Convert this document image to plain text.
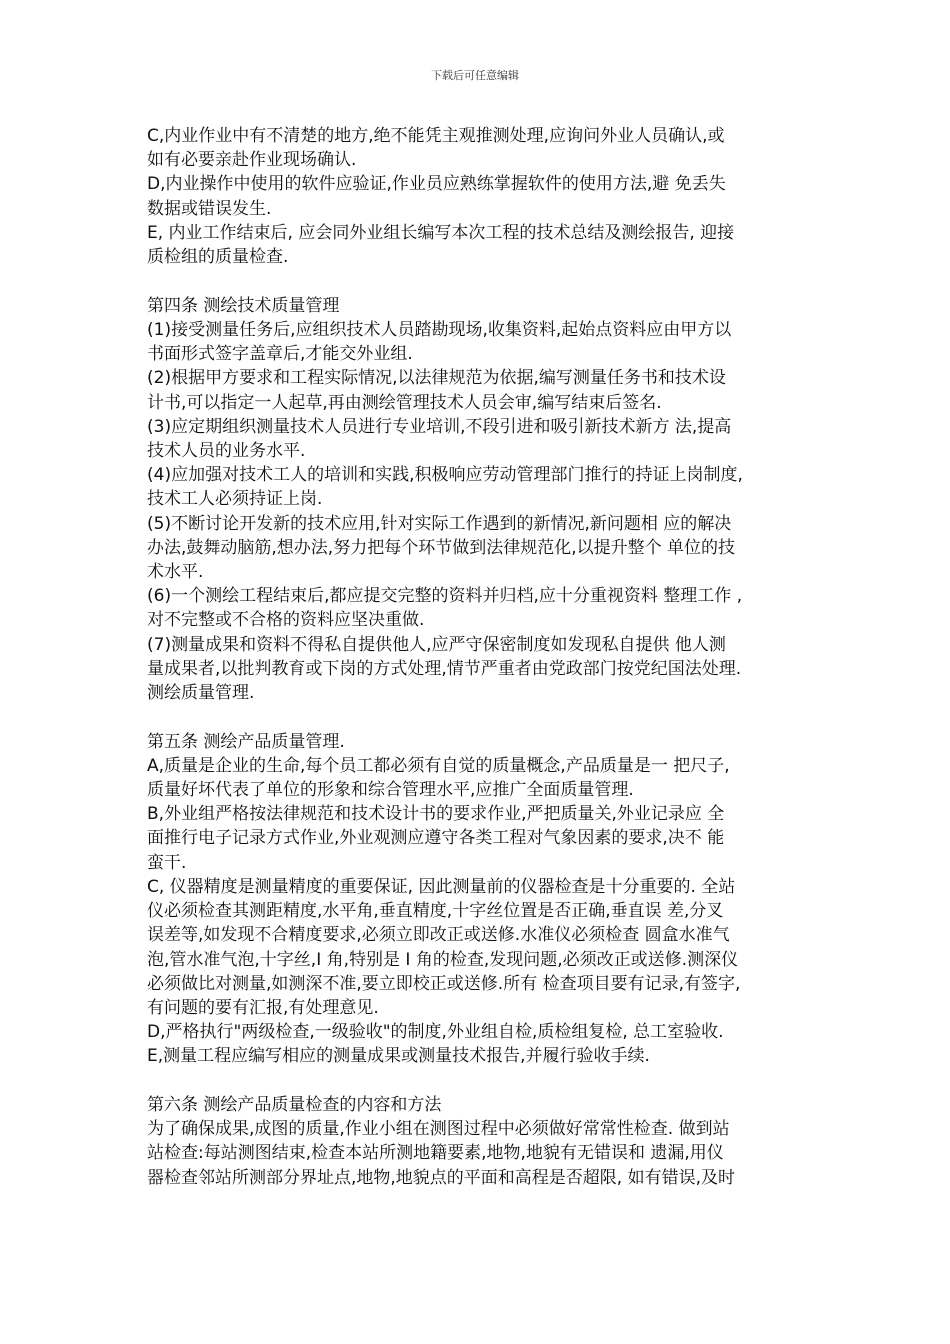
下载后可任意编辑
C,内业作业中有不清楚的地方,绝不能凭主观推测处理,应询问外业人员确认,或
如有必要亲赴作业现场确认.
D,内业操作中使用的软件应验证,作业员应熟练掌握软件的使用方法,避 免丢失
数据或错误发生.
E, 内业工作结束后, 应会同外业组长编写本次工程的技术总结及测绘报告, 迎接
质检组的质量检查.
第四条 测绘技术质量管理
(1)接受测量任务后,应组织技术人员踏勘现场,收集资料,起始点资料应由甲方以
书面形式签字盖章后,才能交外业组.
(2)根据甲方要求和工程实际情况,以法律规范为依据,编写测量任务书和技术设
计书,可以指定一人起草,再由测绘管理技术人员会审,编写结束后签名.
(3)应定期组织测量技术人员进行专业培训,不段引进和吸引新技术新方 法,提高
技术人员的业务水平.
(4)应加强对技术工人的培训和实践,积极响应劳动管理部门推行的持证上岗制度,
技术工人必须持证上岗.
(5)不断讨论开发新的技术应用,针对实际工作遇到的新情况,新问题相 应的解决
办法,鼓舞动脑筋,想办法,努力把每个环节做到法律规范化,以提升整个 单位的技
术水平.
(6)一个测绘工程结束后,都应提交完整的资料并归档,应十分重视资料 整理工作 ,
对不完整或不合格的资料应坚决重做.
(7)测量成果和资料不得私自提供他人,应严守保密制度如发现私自提供 他人测
量成果者,以批判教育或下岗的方式处理,情节严重者由党政部门按党纪国法处理.
测绘质量管理.
第五条 测绘产品质量管理.
A,质量是企业的生命,每个员工都必须有自觉的质量概念,产品质量是一 把尺子,
质量好坏代表了单位的形象和综合管理水平,应推广全面质量管理.
B,外业组严格按法律规范和技术设计书的要求作业,严把质量关,外业记录应 全
面推行电子记录方式作业,外业观测应遵守各类工程对气象因素的要求,决不 能
蛮干.
C, 仪器精度是测量精度的重要保证, 因此测量前的仪器检查是十分重要的. 全站
仪必须检查其测距精度,水平角,垂直精度,十字丝位置是否正确,垂直误 差,分叉
误差等,如发现不合精度要求,必须立即改正或送修.水准仪必须检查 圆盒水准气
泡,管水准气泡,十字丝,I 角,特别是 I 角的检查,发现问题,必须改正或送修.测深仪
必须做比对测量,如测深不准,要立即校正或送修.所有 检查项目要有记录,有签字,
有问题的要有汇报,有处理意见.
D,严格执行"两级检查,一级验收"的制度,外业组自检,质检组复检, 总工室验收.
E,测量工程应编写相应的测量成果或测量技术报告,并履行验收手续.
第六条 测绘产品质量检查的内容和方法
为了确保成果,成图的质量,作业小组在测图过程中必须做好常常性检查. 做到站
站检查:每站测图结束,检查本站所测地籍要素,地物,地貌有无错误和 遗漏,用仪
器检查邻站所测部分界址点,地物,地貌点的平面和高程是否超限, 如有错误,及时
